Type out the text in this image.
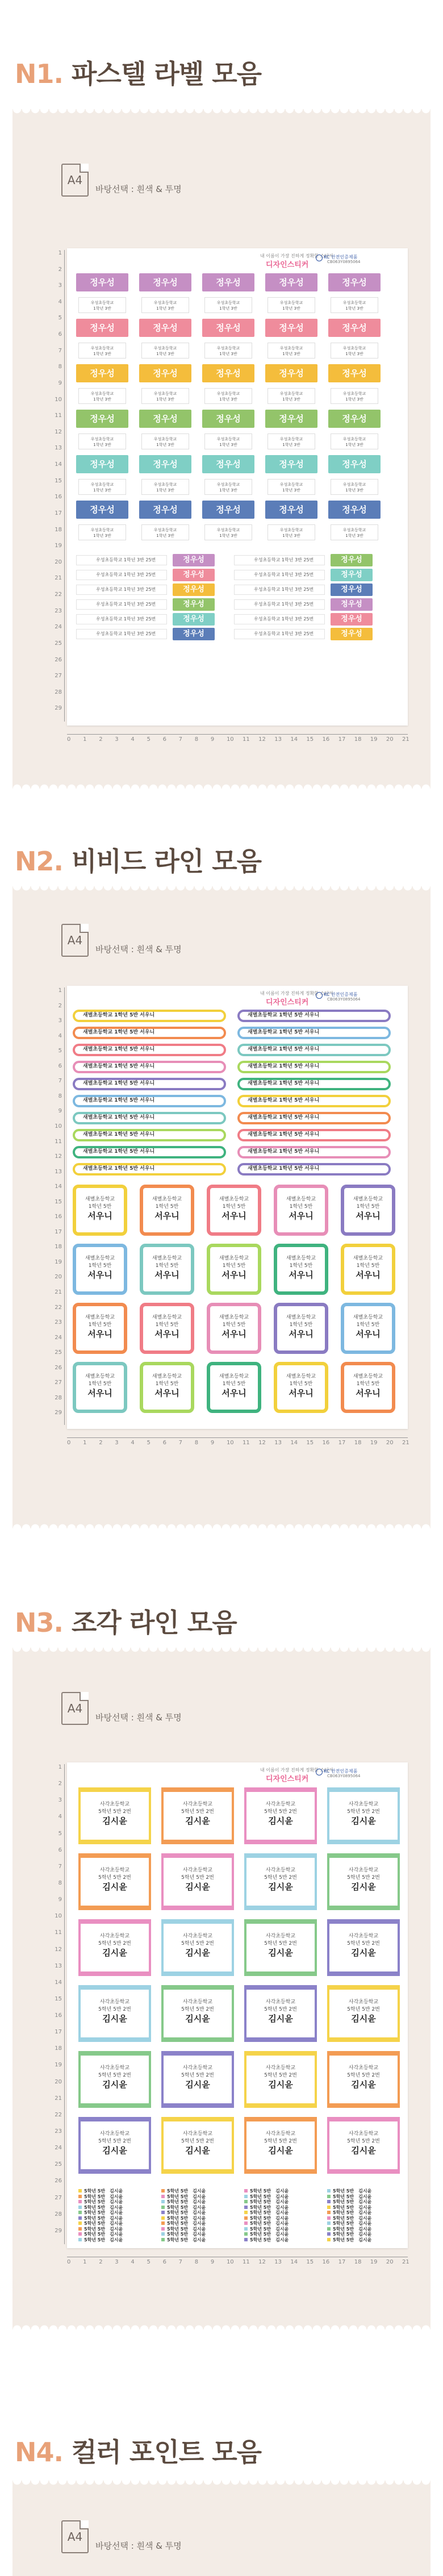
N1. 파스텔 라벨 모음
A4
바탕선택 : 흰색 & 투명
1
2
3
4
5
6
7
8
9
10
11
12
13
14
15
16
17
18
19
20
21
22
23
24
25
26
27
28
29
내 이름이 가장 진하게 정확한 스티커
디자인스티커
KC 안전인증제품
CB063Y0895064
정우성
우성초등학교
1학년 3반
정우성
우성초등학교
1학년 3반
정우성
우성초등학교
1학년 3반
정우성
우성초등학교
1학년 3반
정우성
우성초등학교
1학년 3반
정우성
우성초등학교
1학년 3반
정우성
우성초등학교
1학년 3반
정우성
우성초등학교
1학년 3반
정우성
우성초등학교
1학년 3반
정우성
우성초등학교
1학년 3반
정우성
우성초등학교
1학년 3반
정우성
우성초등학교
1학년 3반
정우성
우성초등학교
1학년 3반
정우성
우성초등학교
1학년 3반
정우성
우성초등학교
1학년 3반
정우성
우성초등학교
1학년 3반
정우성
우성초등학교
1학년 3반
정우성
우성초등학교
1학년 3반
정우성
우성초등학교
1학년 3반
정우성
우성초등학교
1학년 3반
정우성
우성초등학교
1학년 3반
정우성
우성초등학교
1학년 3반
정우성
우성초등학교
1학년 3반
정우성
우성초등학교
1학년 3반
정우성
우성초등학교
1학년 3반
정우성
우성초등학교
1학년 3반
정우성
우성초등학교
1학년 3반
정우성
우성초등학교
1학년 3반
정우성
우성초등학교
1학년 3반
정우성
우성초등학교
1학년 3반
우성초등학교 1학년 3반 25번	정우성	우성초등학교 1학년 3반 25번	정우성
우성초등학교 1학년 3반 25번	정우성	우성초등학교 1학년 3반 25번	정우성
우성초등학교 1학년 3반 25번	정우성	우성초등학교 1학년 3반 25번	정우성
우성초등학교 1학년 3반 25번	정우성	우성초등학교 1학년 3반 25번	정우성
우성초등학교 1학년 3반 25번	정우성	우성초등학교 1학년 3반 25번	정우성
우성초등학교 1학년 3반 25번	정우성	우성초등학교 1학년 3반 25번	정우성
0 1 2 3 4 5 6 7 8 9 10 11 12 13 14 15 16 17 18 19 20 21
N2. 비비드 라인 모음
A4
바탕선택 : 흰색 & 투명
1
2
3
4
5
6
7
8
9
10
11
12
13
14
15
16
17
18
19
20
21
22
23
24
25
26
27
28
29
내 이름이 가장 진하게 정확한 스티커
디자인스티커
KC 안전인증제품
CB063Y0895064
새별초등학교 1학년 5반 서우니	새별초등학교 1학년 5반 서우니
새별초등학교 1학년 5반 서우니	새별초등학교 1학년 5반 서우니
새별초등학교 1학년 5반 서우니	새별초등학교 1학년 5반 서우니
새별초등학교 1학년 5반 서우니	새별초등학교 1학년 5반 서우니
새별초등학교 1학년 5반 서우니	새별초등학교 1학년 5반 서우니
새별초등학교 1학년 5반 서우니	새별초등학교 1학년 5반 서우니
새별초등학교 1학년 5반 서우니	새별초등학교 1학년 5반 서우니
새별초등학교 1학년 5반 서우니	새별초등학교 1학년 5반 서우니
새별초등학교 1학년 5반 서우니	새별초등학교 1학년 5반 서우니
새별초등학교 1학년 5반 서우니	새별초등학교 1학년 5반 서우니
새별초등학교
1학년 5반
서우니
새별초등학교
1학년 5반
서우니
새별초등학교
1학년 5반
서우니
새별초등학교
1학년 5반
서우니
새별초등학교
1학년 5반
서우니
새별초등학교
1학년 5반
서우니
새별초등학교
1학년 5반
서우니
새별초등학교
1학년 5반
서우니
새별초등학교
1학년 5반
서우니
새별초등학교
1학년 5반
서우니
새별초등학교
1학년 5반
서우니
새별초등학교
1학년 5반
서우니
새별초등학교
1학년 5반
서우니
새별초등학교
1학년 5반
서우니
새별초등학교
1학년 5반
서우니
새별초등학교
1학년 5반
서우니
새별초등학교
1학년 5반
서우니
새별초등학교
1학년 5반
서우니
새별초등학교
1학년 5반
서우니
새별초등학교
1학년 5반
서우니
0 1 2 3 4 5 6 7 8 9 10 11 12 13 14 15 16 17 18 19 20 21
N3. 조각 라인 모음
A4
바탕선택 : 흰색 & 투명
1
2
3
4
5
6
7
8
9
10
11
12
13
14
15
16
17
18
19
20
21
22
23
24
25
26
27
28
29
내 이름이 가장 진하게 정확한 스티커
디자인스티커
KC 안전인증제품
CB063Y0895064
사각초등학교
5학년 5반 2번
김시윤
사각초등학교
5학년 5반 2번
김시윤
사각초등학교
5학년 5반 2번
김시윤
사각초등학교
5학년 5반 2번
김시윤
사각초등학교
5학년 5반 2번
김시윤
사각초등학교
5학년 5반 2번
김시윤
사각초등학교
5학년 5반 2번
김시윤
사각초등학교
5학년 5반 2번
김시윤
사각초등학교
5학년 5반 2번
김시윤
사각초등학교
5학년 5반 2번
김시윤
사각초등학교
5학년 5반 2번
김시윤
사각초등학교
5학년 5반 2번
김시윤
사각초등학교
5학년 5반 2번
김시윤
사각초등학교
5학년 5반 2번
김시윤
사각초등학교
5학년 5반 2번
김시윤
사각초등학교
5학년 5반 2번
김시윤
사각초등학교
5학년 5반 2번
김시윤
사각초등학교
5학년 5반 2번
김시윤
사각초등학교
5학년 5반 2번
김시윤
사각초등학교
5학년 5반 2번
김시윤
사각초등학교
5학년 5반 2번
김시윤
사각초등학교
5학년 5반 2번
김시윤
사각초등학교
5학년 5반 2번
김시윤
사각초등학교
5학년 5반 2번
김시윤
5학년 5반 김시윤	5학년 5반 김시윤	5학년 5반 김시윤	5학년 5반 김시윤
5학년 5반 김시윤	5학년 5반 김시윤	5학년 5반 김시윤	5학년 5반 김시윤
5학년 5반 김시윤	5학년 5반 김시윤	5학년 5반 김시윤	5학년 5반 김시윤
5학년 5반 김시윤	5학년 5반 김시윤	5학년 5반 김시윤	5학년 5반 김시윤
5학년 5반 김시윤	5학년 5반 김시윤	5학년 5반 김시윤	5학년 5반 김시윤
5학년 5반 김시윤	5학년 5반 김시윤	5학년 5반 김시윤	5학년 5반 김시윤
5학년 5반 김시윤	5학년 5반 김시윤	5학년 5반 김시윤	5학년 5반 김시윤
5학년 5반 김시윤	5학년 5반 김시윤	5학년 5반 김시윤	5학년 5반 김시윤
5학년 5반 김시윤	5학년 5반 김시윤	5학년 5반 김시윤	5학년 5반 김시윤
5학년 5반 김시윤	5학년 5반 김시윤	5학년 5반 김시윤	5학년 5반 김시윤
0 1 2 3 4 5 6 7 8 9 10 11 12 13 14 15 16 17 18 19 20 21
N4. 컬러 포인트 모음
A4
바탕선택 : 흰색 & 투명
